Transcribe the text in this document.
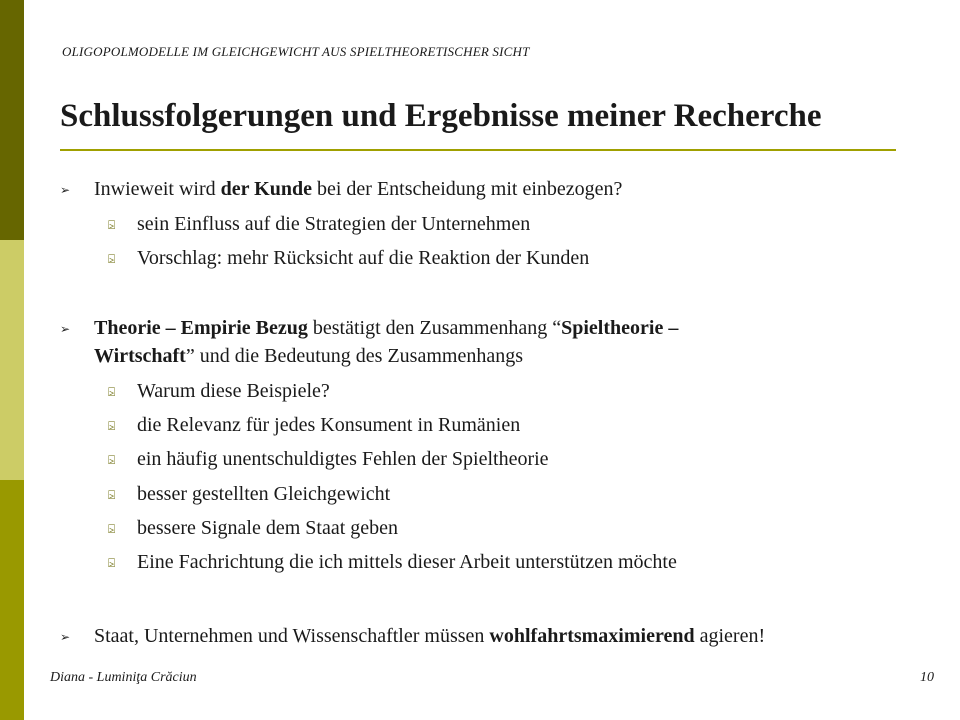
OLIGOPOLMODELLE IM GLEICHGEWICHT AUS SPIELTHEORETISCHER SICHT
Schlussfolgerungen und Ergebnisse meiner Recherche
➢	Inwieweit wird der Kunde bei der Entscheidung mit einbezogen?
⍄	sein Einfluss auf die Strategien der Unternehmen
⍄	Vorschlag: mehr Rücksicht auf die Reaktion der Kunden
➢	Theorie – Empirie Bezug bestätigt den Zusammenhang “Spieltheorie –
Wirtschaft” und die Bedeutung des Zusammenhangs
⍄	Warum diese Beispiele?
⍄	die Relevanz für jedes Konsument in Rumänien
⍄	ein häufig unentschuldigtes Fehlen der Spieltheorie
⍄	besser gestellten Gleichgewicht
⍄	bessere Signale dem Staat geben
⍄	Eine Fachrichtung die ich mittels dieser Arbeit unterstützen möchte
➢	Staat, Unternehmen und Wissenschaftler müssen wohlfahrtsmaximierend agieren!
Diana - Luminiţa Crăciun	10
